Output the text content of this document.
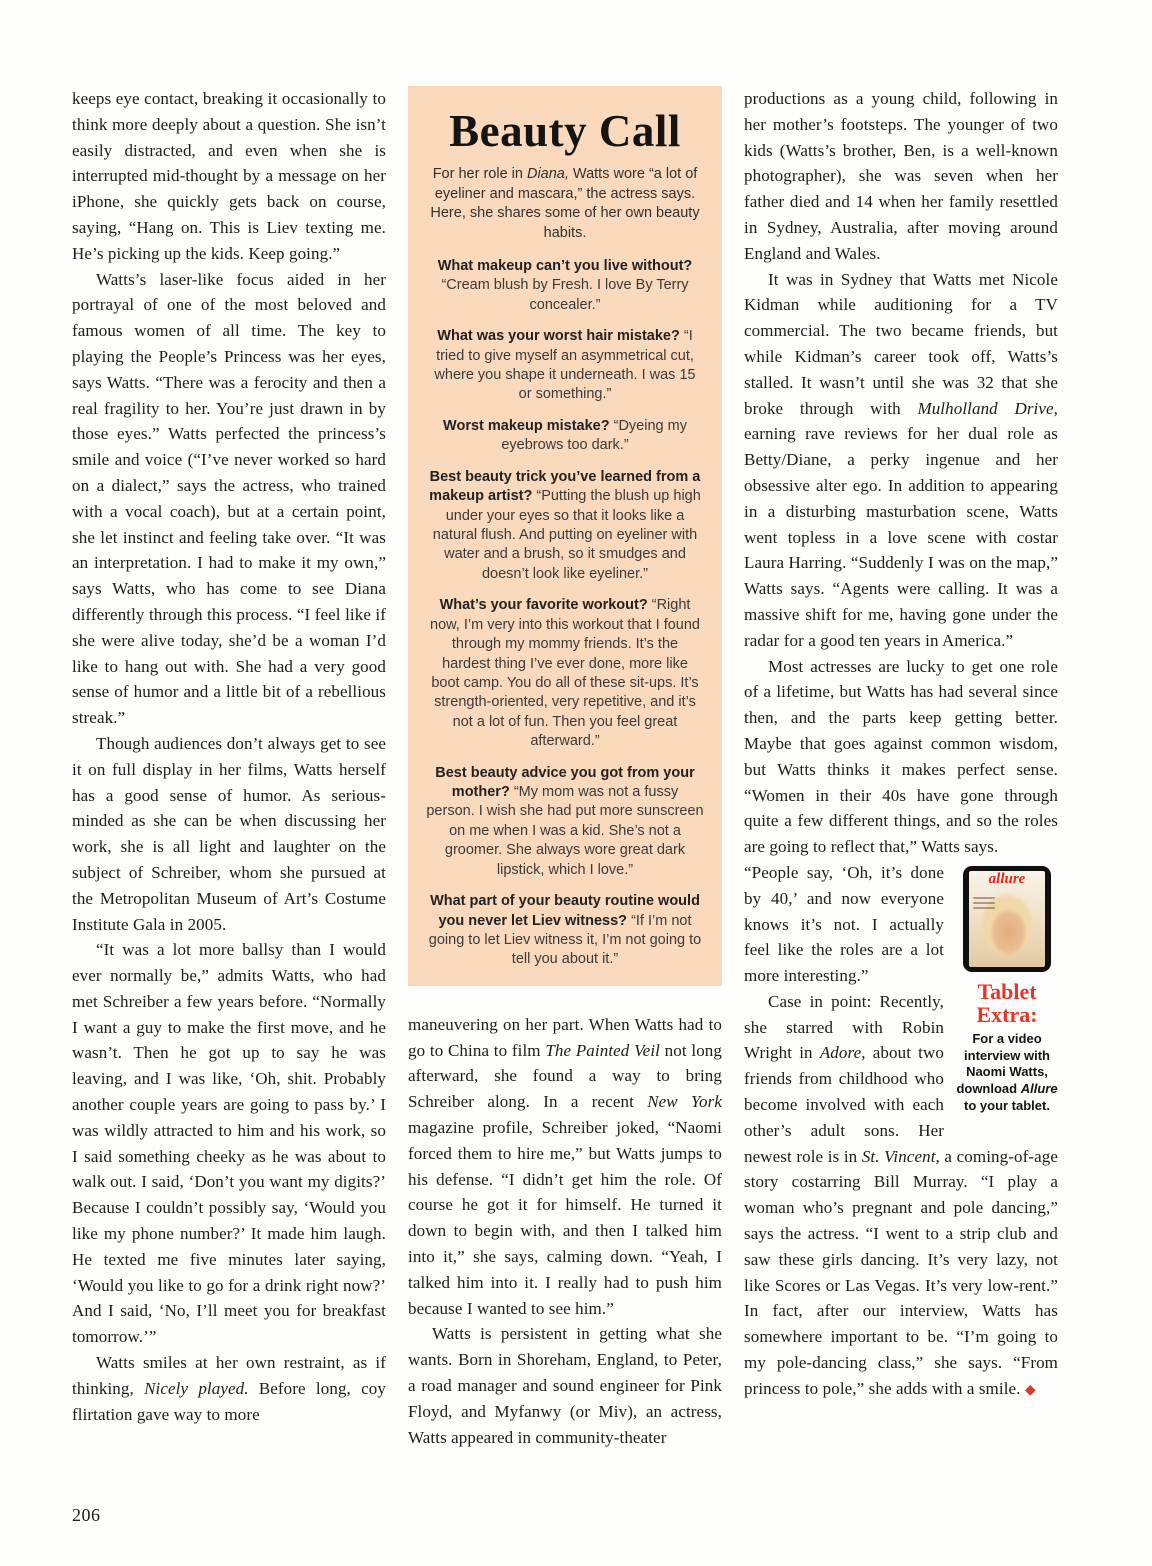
keeps eye contact, breaking it occasionally to think more deeply about a question. She isn’t easily distracted, and even when she is interrupted mid-thought by a message on her iPhone, she quickly gets back on course, saying, “Hang on. This is Liev texting me. He’s picking up the kids. Keep going.”

Watts’s laser-like focus aided in her portrayal of one of the most beloved and famous women of all time. The key to playing the People’s Princess was her eyes, says Watts. “There was a ferocity and then a real fragility to her. You’re just drawn in by those eyes.” Watts perfected the princess’s smile and voice (“I’ve never worked so hard on a dialect,” says the actress, who trained with a vocal coach), but at a certain point, she let instinct and feeling take over. “It was an interpretation. I had to make it my own,” says Watts, who has come to see Diana differently through this process. “I feel like if she were alive today, she’d be a woman I’d like to hang out with. She had a very good sense of humor and a little bit of a rebellious streak.”

Though audiences don’t always get to see it on full display in her films, Watts herself has a good sense of humor. As serious-minded as she can be when discussing her work, she is all light and laughter on the subject of Schreiber, whom she pursued at the Metropolitan Museum of Art’s Costume Institute Gala in 2005.

“It was a lot more ballsy than I would ever normally be,” admits Watts, who had met Schreiber a few years before. “Normally I want a guy to make the first move, and he wasn’t. Then he got up to say he was leaving, and I was like, ‘Oh, shit. Probably another couple years are going to pass by.’ I was wildly attracted to him and his work, so I said something cheeky as he was about to walk out. I said, ‘Don’t you want my digits?’ Because I couldn’t possibly say, ‘Would you like my phone number?’ It made him laugh. He texted me five minutes later saying, ‘Would you like to go for a drink right now?’ And I said, ‘No, I’ll meet you for breakfast tomorrow.’”

Watts smiles at her own restraint, as if thinking, Nicely played. Before long, coy flirtation gave way to more

Beauty Call
For her role in Diana, Watts wore “a lot of eyeliner and mascara,” the actress says. Here, she shares some of her own beauty habits.

What makeup can’t you live without? “Cream blush by Fresh. I love By Terry concealer.”

What was your worst hair mistake? “I tried to give myself an asymmetrical cut, where you shape it underneath. I was 15 or something.”

Worst makeup mistake? “Dyeing my eyebrows too dark.”

Best beauty trick you’ve learned from a makeup artist? “Putting the blush up high under your eyes so that it looks like a natural flush. And putting on eyeliner with water and a brush, so it smudges and doesn’t look like eyeliner.”

What’s your favorite workout? “Right now, I’m very into this workout that I found through my mommy friends. It’s the hardest thing I’ve ever done, more like boot camp. You do all of these sit-ups. It’s strength-oriented, very repetitive, and it’s not a lot of fun. Then you feel great afterward.”

Best beauty advice you got from your mother? “My mom was not a fussy person. I wish she had put more sunscreen on me when I was a kid. She’s not a groomer. She always wore great dark lipstick, which I love.”

What part of your beauty routine would you never let Liev witness? “If I’m not going to let Liev witness it, I’m not going to tell you about it.”

maneuvering on her part. When Watts had to go to China to film The Painted Veil not long afterward, she found a way to bring Schreiber along. In a recent New York magazine profile, Schreiber joked, “Naomi forced them to hire me,” but Watts jumps to his defense. “I didn’t get him the role. Of course he got it for himself. He turned it down to begin with, and then I talked him into it,” she says, calming down. “Yeah, I talked him into it. I really had to push him because I wanted to see him.”

Watts is persistent in getting what she wants. Born in Shoreham, England, to Peter, a road manager and sound engineer for Pink Floyd, and Myfanwy (or Miv), an actress, Watts appeared in community-theater

productions as a young child, following in her mother’s footsteps. The younger of two kids (Watts’s brother, Ben, is a well-known photographer), she was seven when her father died and 14 when her family resettled in Sydney, Australia, after moving around England and Wales.

It was in Sydney that Watts met Nicole Kidman while auditioning for a TV commercial. The two became friends, but while Kidman’s career took off, Watts’s stalled. It wasn’t until she was 32 that she broke through with Mulholland Drive, earning rave reviews for her dual role as Betty/Diane, a perky ingenue and her obsessive alter ego. In addition to appearing in a disturbing masturbation scene, Watts went topless in a love scene with costar Laura Harring. “Suddenly I was on the map,” Watts says. “Agents were calling. It was a massive shift for me, having gone under the radar for a good ten years in America.”

Most actresses are lucky to get one role of a lifetime, but Watts has had several since then, and the parts keep getting better. Maybe that goes against common wisdom, but Watts thinks it makes perfect sense. “Women in their 40s have gone through quite a few different things, and so the roles are going to reflect that,” Watts says.

allure
Tablet Extra:
For a video interview with Naomi Watts, download Allure to your tablet.

“People say, ‘Oh, it’s done by 40,’ and now everyone knows it’s not. I actually feel like the roles are a lot more interesting.”

Case in point: Recently, she starred with Robin Wright in Adore, about two friends from childhood who become involved with each other’s adult sons. Her newest role is in St. Vincent, a coming-of-age story costarring Bill Murray. “I play a woman who’s pregnant and pole dancing,” says the actress. “I went to a strip club and saw these girls dancing. It’s very lazy, not like Scores or Las Vegas. It’s very low-rent.” In fact, after our interview, Watts has somewhere important to be. “I’m going to my pole-dancing class,” she says. “From princess to pole,” she adds with a smile. ◆

206
